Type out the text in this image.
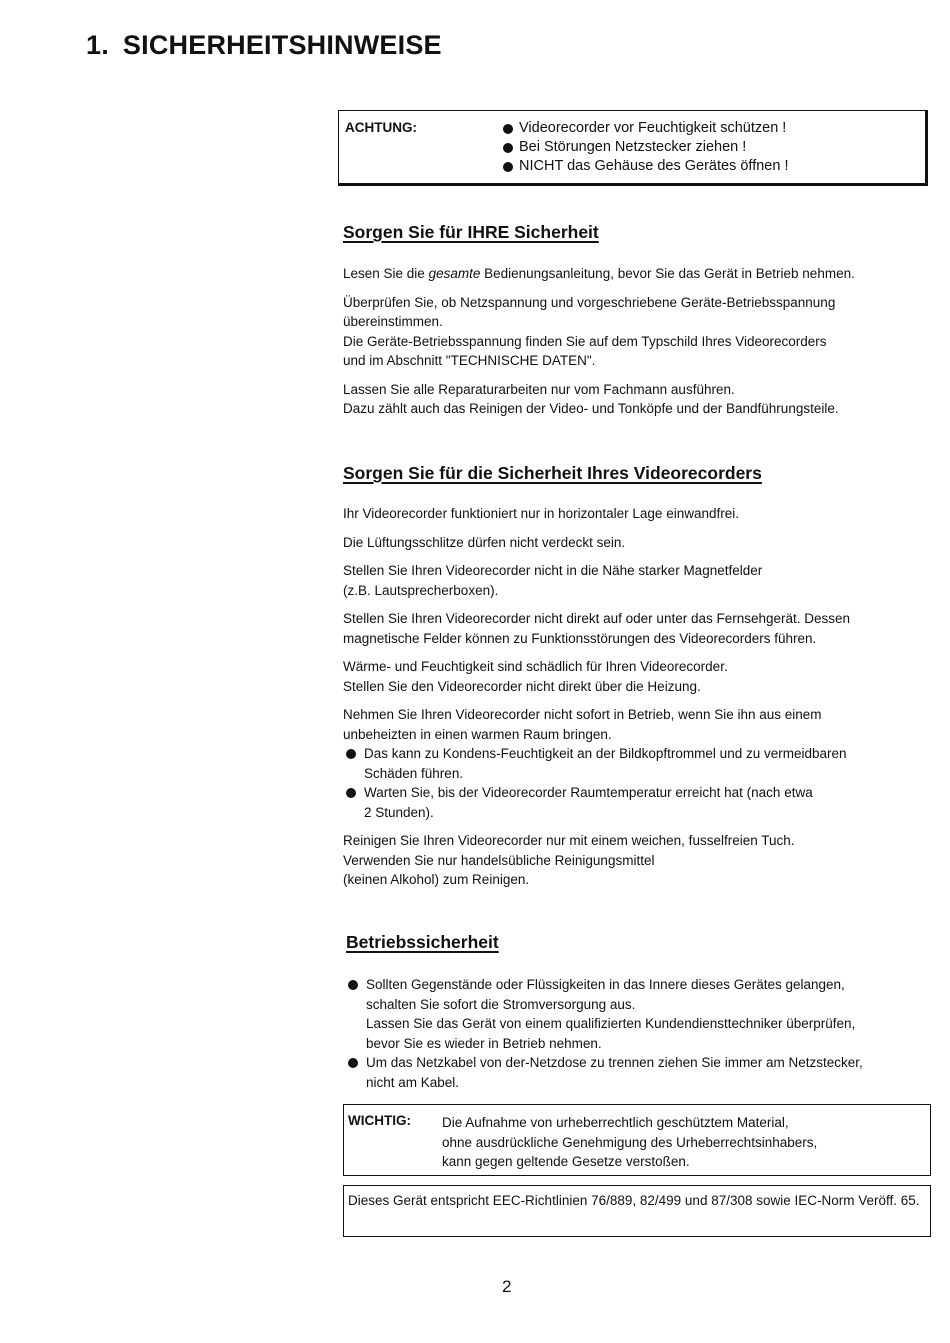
1. SICHERHEITSHINWEISE
ACHTUNG:	Videorecorder vor Feuchtigkeit schützen !
Bei Störungen Netzstecker ziehen !
NICHT das Gehäuse des Gerätes öffnen !
Sorgen Sie für IHRE Sicherheit

Lesen Sie die gesamte Bedienungsanleitung, bevor Sie das Gerät in Betrieb nehmen.

Überprüfen Sie, ob Netzspannung und vorgeschriebene Geräte-Betriebsspannung
übereinstimmen.
Die Geräte-Betriebsspannung finden Sie auf dem Typschild Ihres Videorecorders
und im Abschnitt "TECHNISCHE DATEN".

Lassen Sie alle Reparaturarbeiten nur vom Fachmann ausführen.
Dazu zählt auch das Reinigen der Video- und Tonköpfe und der Bandführungsteile.

Sorgen Sie für die Sicherheit Ihres Videorecorders

Ihr Videorecorder funktioniert nur in horizontaler Lage einwandfrei.

Die Lüftungsschlitze dürfen nicht verdeckt sein.

Stellen Sie Ihren Videorecorder nicht in die Nähe starker Magnetfelder
(z.B. Lautsprecherboxen).

Stellen Sie Ihren Videorecorder nicht direkt auf oder unter das Fernsehgerät. Dessen
magnetische Felder können zu Funktionsstörungen des Videorecorders führen.

Wärme- und Feuchtigkeit sind schädlich für Ihren Videorecorder.
Stellen Sie den Videorecorder nicht direkt über die Heizung.

Nehmen Sie Ihren Videorecorder nicht sofort in Betrieb, wenn Sie ihn aus einem
unbeheizten in einen warmen Raum bringen.

Das kann zu Kondens-Feuchtigkeit an der Bildkopftrommel und zu vermeidbaren
Schäden führen.
Warten Sie, bis der Videorecorder Raumtemperatur erreicht hat (nach etwa
2 Stunden).

Reinigen Sie Ihren Videorecorder nur mit einem weichen, fusselfreien Tuch.
Verwenden Sie nur handelsübliche Reinigungsmittel
(keinen Alkohol) zum Reinigen.

Betriebssicherheit
Sollten Gegenstände oder Flüssigkeiten in das Innere dieses Gerätes gelangen,
schalten Sie sofort die Stromversorgung aus.
Lassen Sie das Gerät von einem qualifizierten Kundendiensttechniker überprüfen,
bevor Sie es wieder in Betrieb nehmen.
Um das Netzkabel von der-Netzdose zu trennen ziehen Sie immer am Netzstecker,
nicht am Kabel.
WICHTIG: Die Aufnahme von urheberrechtlich geschütztem Material,
ohne ausdrückliche Genehmigung des Urheberrechtsinhabers,
kann gegen geltende Gesetze verstoßen.
Dieses Gerät entspricht EEC-Richtlinien 76/889, 82/499 und 87/308 sowie IEC-Norm Veröff. 65.
2
